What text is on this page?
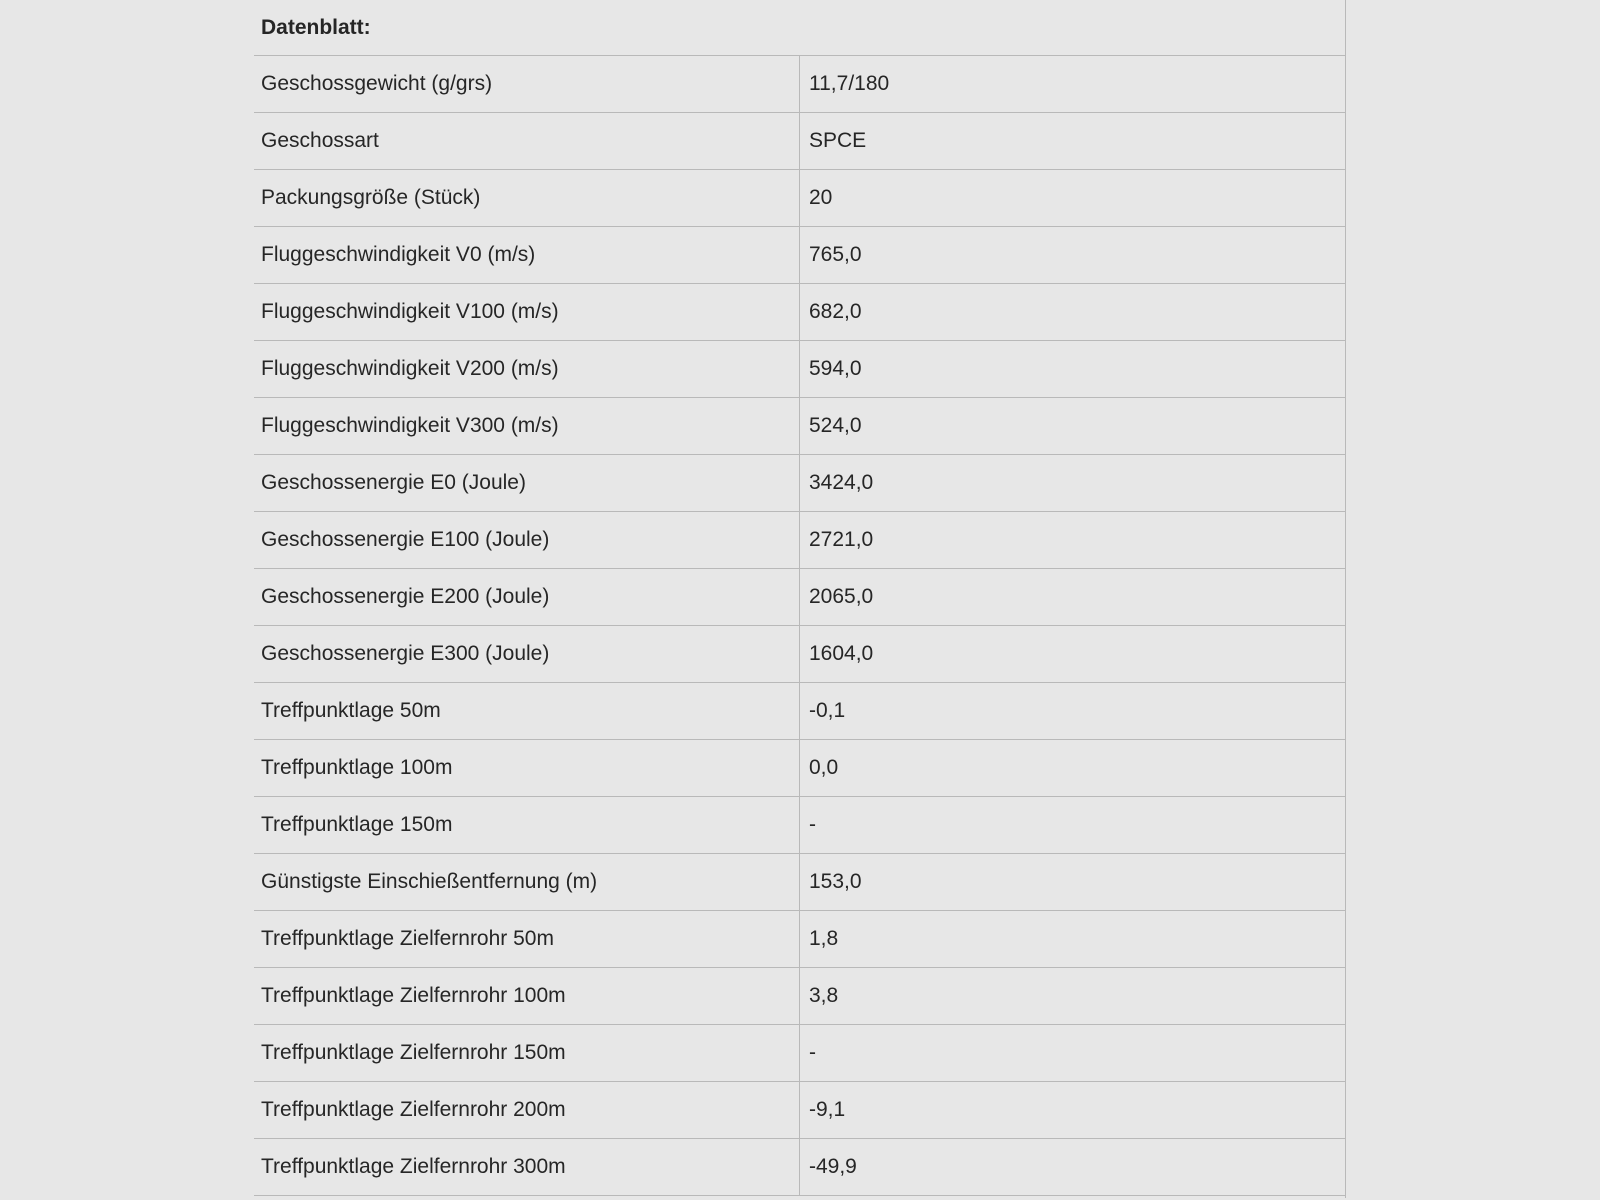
Datenblatt:
Geschossgewicht (g/grs)	11,7/180
Geschossart	SPCE
Packungsgröße (Stück)	20
Fluggeschwindigkeit V0 (m/s)	765,0
Fluggeschwindigkeit V100 (m/s)	682,0
Fluggeschwindigkeit V200 (m/s)	594,0
Fluggeschwindigkeit V300 (m/s)	524,0
Geschossenergie E0 (Joule)	3424,0
Geschossenergie E100 (Joule)	2721,0
Geschossenergie E200 (Joule)	2065,0
Geschossenergie E300 (Joule)	1604,0
Treffpunktlage 50m	-0,1
Treffpunktlage 100m	0,0
Treffpunktlage 150m	-
Günstigste Einschießentfernung (m)	153,0
Treffpunktlage Zielfernrohr 50m	1,8
Treffpunktlage Zielfernrohr 100m	3,8
Treffpunktlage Zielfernrohr 150m	-
Treffpunktlage Zielfernrohr 200m	-9,1
Treffpunktlage Zielfernrohr 300m	-49,9
